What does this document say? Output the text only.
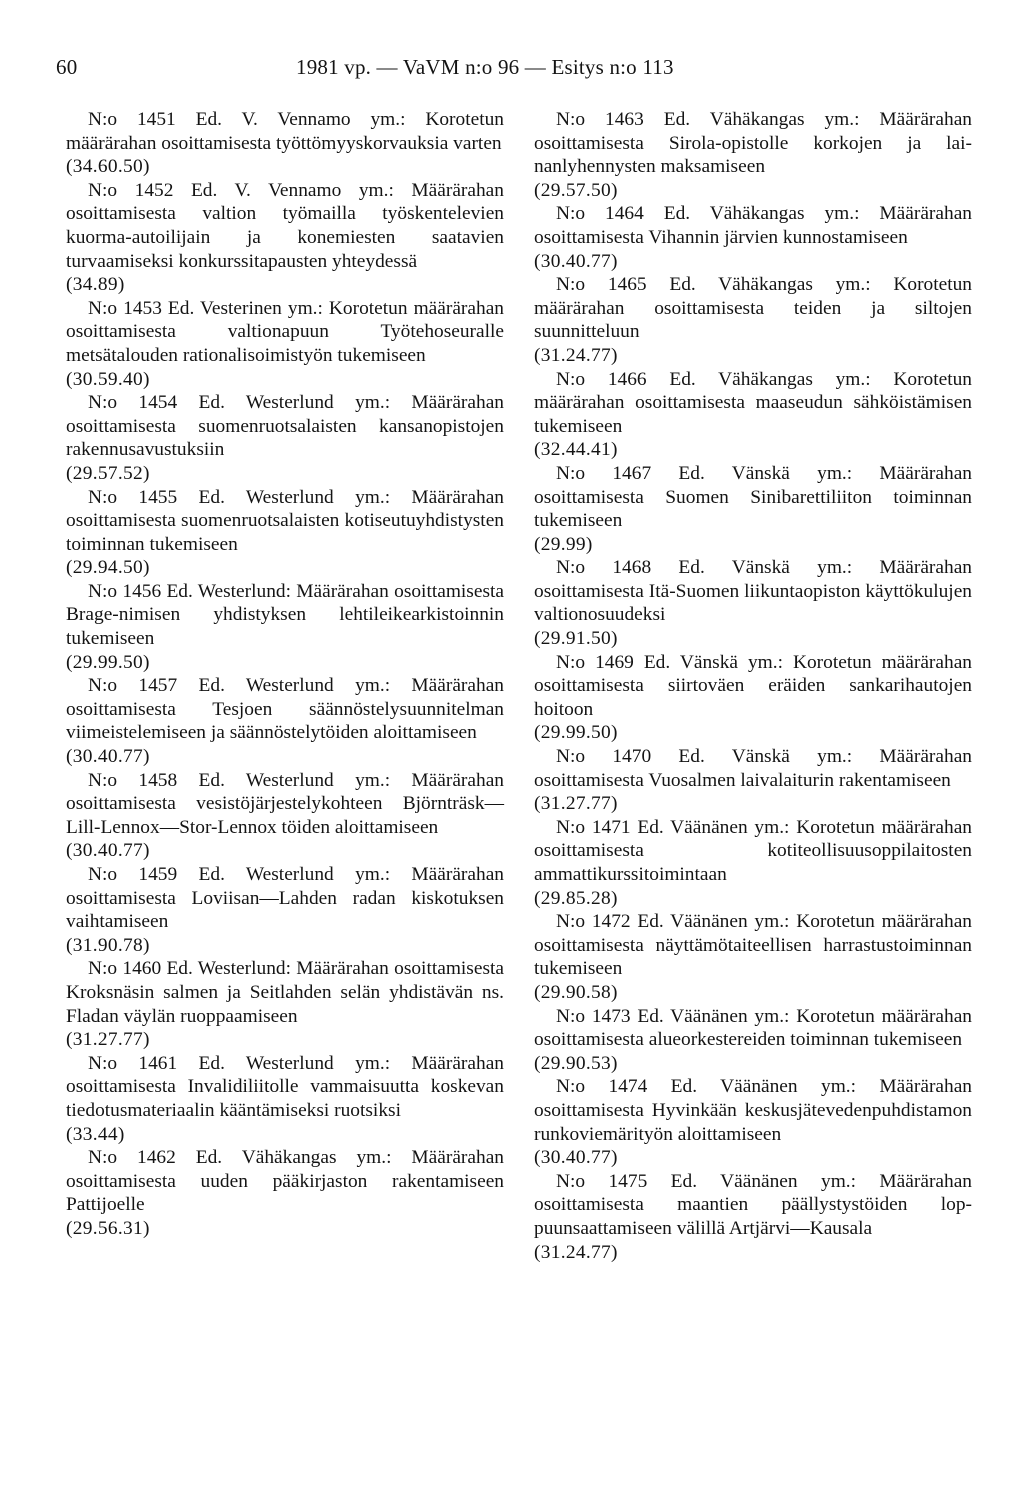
60	1981 vp. — VaVM n:o 96 — Esitys n:o 113

N:o 1451 Ed. V. Vennamo ym.: Korotetun määrärahan osoittamisesta työttömyyskorvauksia varten

(34.60.50)

N:o 1452 Ed. V. Vennamo ym.: Määrärahan osoittamisesta valtion työmailla työskentelevien kuorma-autoilijain ja konemiesten saatavien turvaamiseksi konkurssitapausten yhteydessä

(34.89)

N:o 1453 Ed. Vesterinen ym.: Korotetun määrärahan osoittamisesta valtionapuun Työtehoseuralle metsätalouden rationalisoimistyön tukemiseen

(30.59.40)

N:o 1454 Ed. Westerlund ym.: Määrärahan osoittamisesta suomenruotsalaisten kansanopistojen rakennusavustuksiin

(29.57.52)

N:o 1455 Ed. Westerlund ym.: Määrärahan osoittamisesta suomenruotsalaisten kotiseutuyhdistysten toiminnan tukemiseen

(29.94.50)

N:o 1456 Ed. Westerlund: Määrärahan osoittamisesta Brage-nimisen yhdistyksen lehtileikearkistoinnin tukemiseen

(29.99.50)

N:o 1457 Ed. Westerlund ym.: Määrärahan osoittamisesta Tesjoen säännöstelysuunnitelman viimeistelemiseen ja säännöstelytöiden aloittamiseen

(30.40.77)

N:o 1458 Ed. Westerlund ym.: Määrärahan osoittamisesta vesistöjärjestelykohteen Björnträsk—Lill-Lennox—Stor-Lennox töiden aloittamiseen

(30.40.77)

N:o 1459 Ed. Westerlund ym.: Määrärahan osoittamisesta Loviisan—Lahden radan kiskotuksen vaihtamiseen

(31.90.78)

N:o 1460 Ed. Westerlund: Määrärahan osoittamisesta Kroksnäsin salmen ja Seitlahden selän yhdistävän ns. Fladan väylän ruoppaamiseen

(31.27.77)

N:o 1461 Ed. Westerlund ym.: Määrärahan osoittamisesta Invalidiliitolle vammaisuutta koskevan tiedotusmateriaalin kääntämiseksi ruotsiksi

(33.44)

N:o 1462 Ed. Vähäkangas ym.: Määrärahan osoittamisesta uuden pääkirjaston rakentamiseen Pattijoelle

(29.56.31)

N:o 1463 Ed. Vähäkangas ym.: Määrärahan osoittamisesta Sirola-opistolle korkojen ja lainanlyhennysten maksamiseen

(29.57.50)

N:o 1464 Ed. Vähäkangas ym.: Määrärahan osoittamisesta Vihannin järvien kunnostamiseen

(30.40.77)

N:o 1465 Ed. Vähäkangas ym.: Korotetun määrärahan osoittamisesta teiden ja siltojen suunnitteluun

(31.24.77)

N:o 1466 Ed. Vähäkangas ym.: Korotetun määrärahan osoittamisesta maaseudun sähköistämisen tukemiseen

(32.44.41)

N:o 1467 Ed. Vänskä ym.: Määrärahan osoittamisesta Suomen Sinibarettiliiton toiminnan tukemiseen

(29.99)

N:o 1468 Ed. Vänskä ym.: Määrärahan osoittamisesta Itä-Suomen liikuntaopiston käyttökulujen valtionosuudeksi

(29.91.50)

N:o 1469 Ed. Vänskä ym.: Korotetun määrärahan osoittamisesta siirtoväen eräiden sankarihautojen hoitoon

(29.99.50)

N:o 1470 Ed. Vänskä ym.: Määrärahan osoittamisesta Vuosalmen laivalaiturin rakentamiseen

(31.27.77)

N:o 1471 Ed. Väänänen ym.: Korotetun määrärahan osoittamisesta kotiteollisuusoppilaitosten ammattikurssitoimintaan

(29.85.28)

N:o 1472 Ed. Väänänen ym.: Korotetun määrärahan osoittamisesta näyttämötaiteellisen harrastustoiminnan tukemiseen

(29.90.58)

N:o 1473 Ed. Väänänen ym.: Korotetun määrärahan osoittamisesta alueorkestereiden toiminnan tukemiseen

(29.90.53)

N:o 1474 Ed. Väänänen ym.: Määrärahan osoittamisesta Hyvinkään keskusjätevedenpuhdistamon runkoviemärityön aloittamiseen

(30.40.77)

N:o 1475 Ed. Väänänen ym.: Määrärahan osoittamisesta maantien päällystystöiden loppuunsaattamiseen välillä Artjärvi—Kausala

(31.24.77)
